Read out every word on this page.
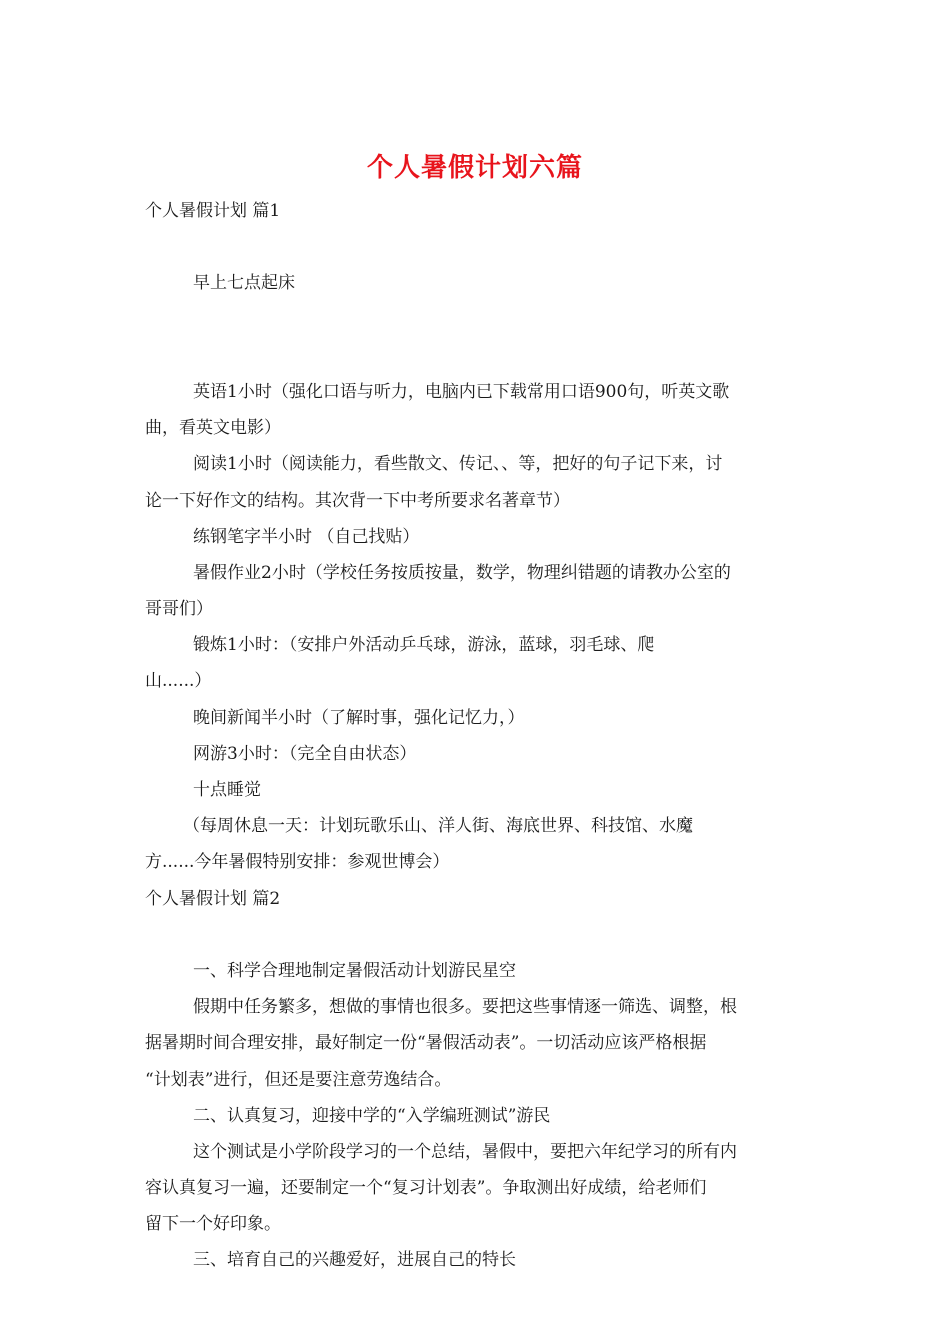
个人暑假计划六篇
个人暑假计划 篇1
早上七点起床
英语1小时（强化口语与听力，电脑内已下载常用口语900句，听英文歌
曲，看英文电影）
阅读1小时（阅读能力，看些散文、传记、、等，把好的句子记下来，讨
论一下好作文的结构。其次背一下中考所要求名著章节）
练钢笔字半小时 （自己找贴）
暑假作业2小时（学校任务按质按量，数学，物理纠错题的请教办公室的
哥哥们）
锻炼1小时：（安排户外活动乒乓球，游泳，蓝球，羽毛球、爬
山......）
晚间新闻半小时（了解时事，强化记忆力，）
网游3小时：（完全自由状态）
十点睡觉
（每周休息一天：计划玩歌乐山、洋人街、海底世界、科技馆、水魔
方......今年暑假特别安排：参观世博会）
个人暑假计划 篇2
一、科学合理地制定暑假活动计划游民星空
假期中任务繁多，想做的事情也很多。要把这些事情逐一筛选、调整，根
据暑期时间合理安排，最好制定一份“暑假活动表”。一切活动应该严格根据
“计划表”进行，但还是要注意劳逸结合。
二、认真复习，迎接中学的“入学编班测试”游民
这个测试是小学阶段学习的一个总结，暑假中，要把六年纪学习的所有内
容认真复习一遍，还要制定一个“复习计划表”。争取测出好成绩，给老师们
留下一个好印象。
三、培育自己的兴趣爱好，进展自己的特长
